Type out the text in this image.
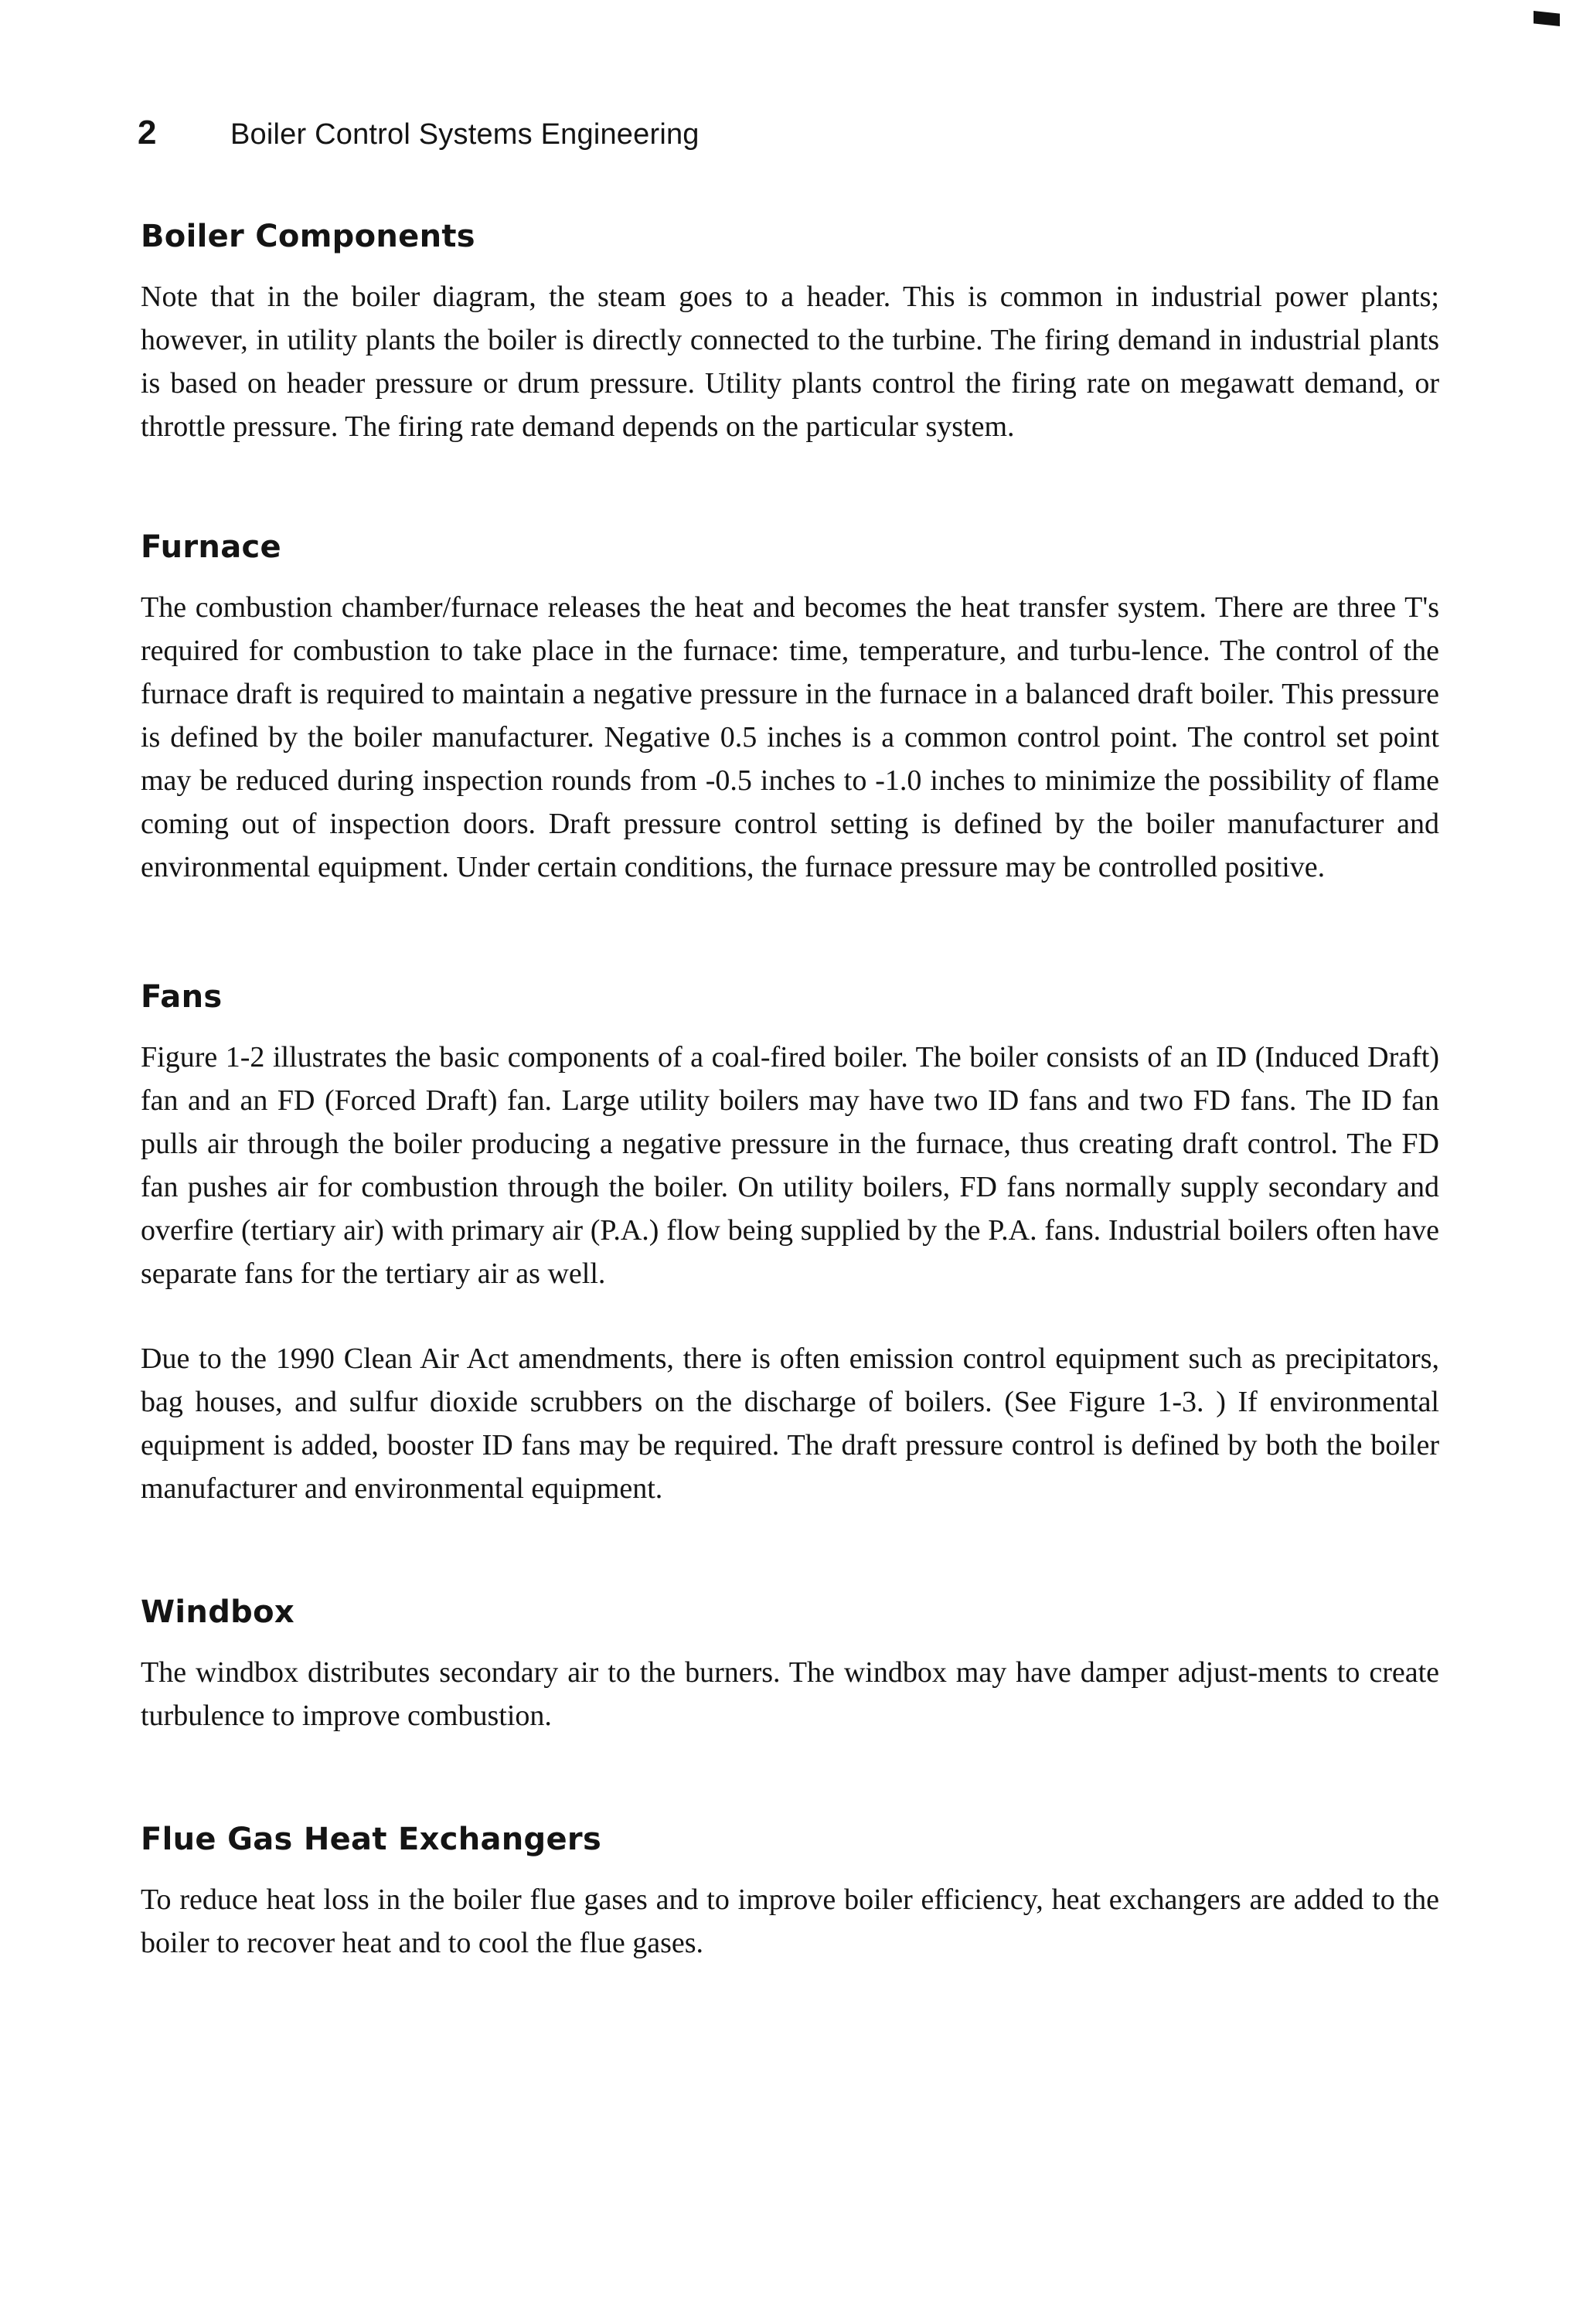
2	Boiler Control Systems Engineering
Boiler Components

Note that in the boiler diagram, the steam goes to a header. This is common in industrial power plants; however, in utility plants the boiler is directly connected to the turbine. The firing demand in industrial plants is based on header pressure or drum pressure. Utility plants control the firing rate on megawatt demand, or throttle pressure. The firing rate demand depends on the particular system.

Furnace

The combustion chamber/furnace releases the heat and becomes the heat transfer system. There are three T's required for combustion to take place in the furnace: time, temperature, and turbu-lence. The control of the furnace draft is required to maintain a negative pressure in the furnace in a balanced draft boiler. This pressure is defined by the boiler manufacturer. Negative 0.5 inches is a common control point. The control set point may be reduced during inspection rounds from -0.5 inches to -1.0 inches to minimize the possibility of flame coming out of inspection doors. Draft pressure control setting is defined by the boiler manufacturer and environmental equipment. Under certain conditions, the furnace pressure may be controlled positive.

Fans

Figure 1-2 illustrates the basic components of a coal-fired boiler. The boiler consists of an ID (Induced Draft) fan and an FD (Forced Draft) fan. Large utility boilers may have two ID fans and two FD fans. The ID fan pulls air through the boiler producing a negative pressure in the furnace, thus creating draft control. The FD fan pushes air for combustion through the boiler. On utility boilers, FD fans normally supply secondary and overfire (tertiary air) with primary air (P.A.) flow being supplied by the P.A. fans. Industrial boilers often have separate fans for the tertiary air as well.

Due to the 1990 Clean Air Act amendments, there is often emission control equipment such as precipitators, bag houses, and sulfur dioxide scrubbers on the discharge of boilers. (See Figure 1-3. ) If environmental equipment is added, booster ID fans may be required. The draft pressure control is defined by both the boiler manufacturer and environmental equipment.

Windbox

The windbox distributes secondary air to the burners. The windbox may have damper adjust-ments to create turbulence to improve combustion.

Flue Gas Heat Exchangers

To reduce heat loss in the boiler flue gases and to improve boiler efficiency, heat exchangers are added to the boiler to recover heat and to cool the flue gases.
